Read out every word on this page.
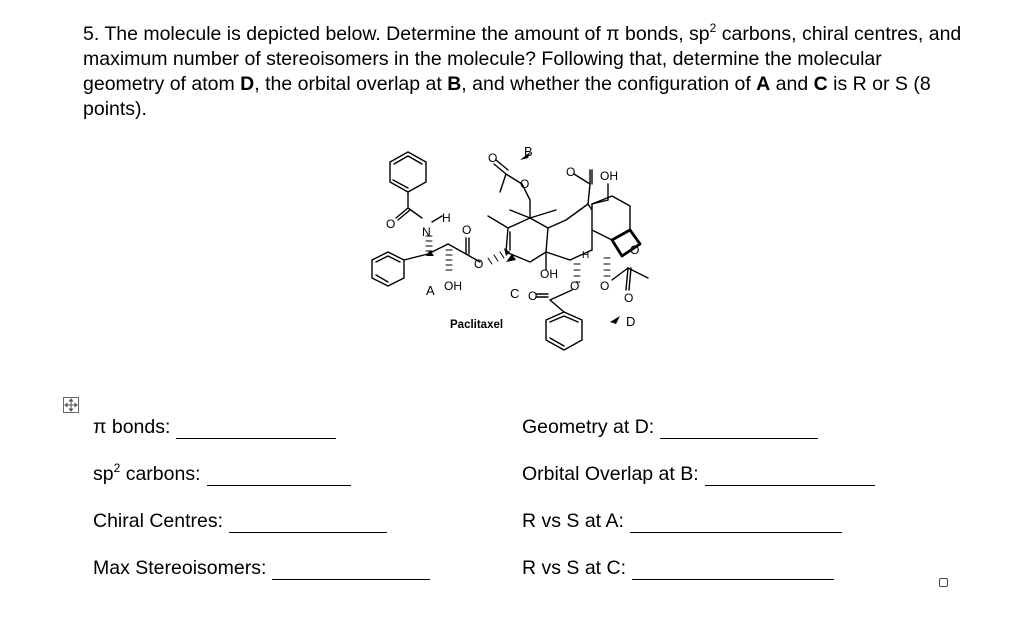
5. The molecule is depicted below. Determine the amount of π bonds, $sp^2$ carbons, chiral centres, and maximum number of stereoisomers in the molecule? Following that, determine the molecular geometry of atom D, the orbital overlap at B, and whether the configuration of A and C is R or S (8 points).
B
O
O
O OH
O
N
H
O
O
O
H
OH
O O
O	O
A OH	C
D
Paclitaxel
π bonds:
$sp^2$ carbons:
Chiral Centres:
Max Stereoisomers:
Geometry at D:
Orbital Overlap at B:
R vs S at A:
R vs S at C:
